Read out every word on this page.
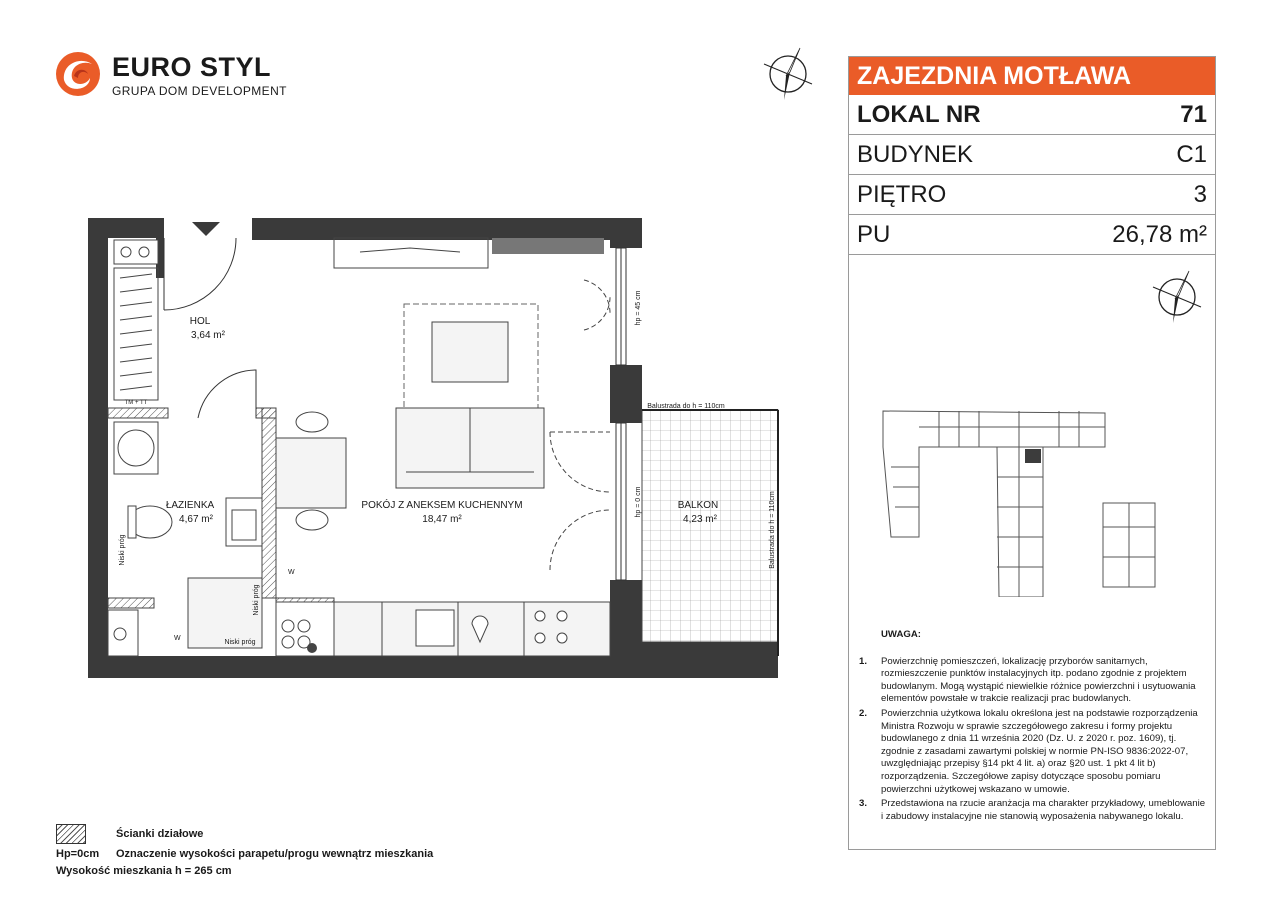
EURO STYL
GRUPA DOM DEVELOPMENT
ZAJEZDNIA MOTŁAWA
LOKAL NR	71
BUDYNEK	C1
PIĘTRO	3
PU	26,78 m²
UWAGA:
1.	Powierzchnię pomieszczeń, lokalizację przyborów sanitarnych, rozmieszczenie punktów instalacyjnych itp. podano zgodnie z projektem budowlanym. Mogą wystąpić niewielkie różnice powierzchni i usytuowania elementów powstałe w trakcie realizacji prac budowlanych.
2.	Powierzchnia użytkowa lokalu określona jest na podstawie rozporządzenia Ministra Rozwoju w sprawie szczegółowego zakresu i formy projektu budowlanego z dnia 11 września 2020 (Dz. U. z 2020 r. poz. 1609), tj. zgodnie z zasadami zawartymi polskiej w normie PN-ISO 9836:2022-07, uwzględniając przepisy §14 pkt 4 lit. a) oraz §20 ust. 1 pkt 4 lit b) rozporządzenia. Szczegółowe zapisy dotyczące sposobu pomiaru powierzchni użytkowej wskazano w umowie.
3.	Przedstawiona na rzucie aranżacja ma charakter przykładowy, umeblowanie i zabudowy instalacyjne nie stanowią wyposażenia nabywanego lokalu.
HOL
3,64 m²
ŁAZIENKA
4,67 m²
POKÓJ Z ANEKSEM KUCHENNYM
18,47 m²
BALKON
4,23 m²
TM + TT	Balustrada do h = 110cm
Balustrada do h = 110cm
hp = 45 cm
hp = 0 cm
Niski próg
Niski próg
Niski próg
W
W
Ścianki działowe
Hp=0cm Oznaczenie wysokości parapetu/progu wewnątrz mieszkania
Wysokość mieszkania h = 265 cm
